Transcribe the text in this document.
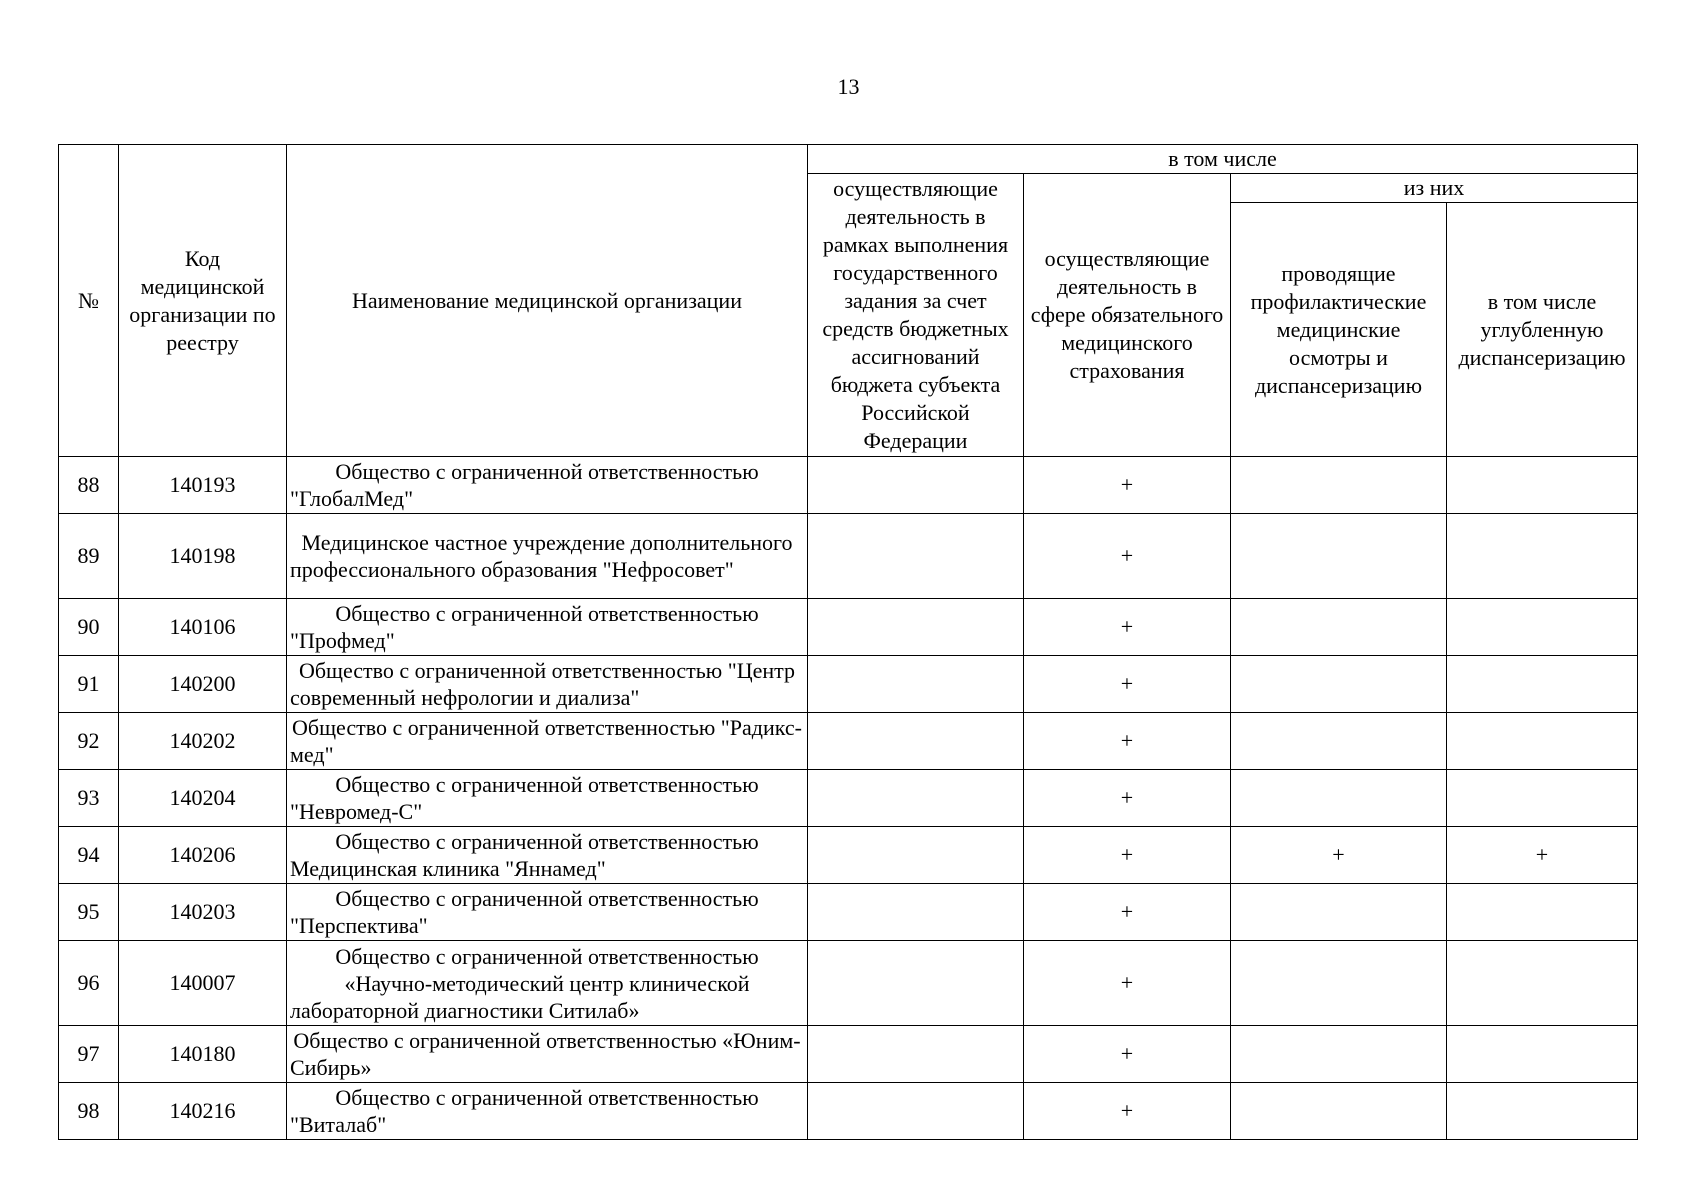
13
№	Код медицинской организации по реестру	Наименование медицинской организации	в том числе			
			осуществляющие деятельность в рамках выполнения государственного задания за счет средств бюджетных ассигнований бюджета субъекта Российской Федерации	осуществляющие деятельность в сфере обязательного медицинского страхования	из них	
					проводящие профилактические медицинские осмотры и диспансеризацию	в том числе углубленную диспансеризацию
88	140193	Общество с ограниченной ответственностью "ГлобалМед"		+		
89	140198	Медицинское частное учреждение дополнительного профессионального образования "Нефросовет"		+		
90	140106	Общество с ограниченной ответственностью "Профмед"		+		
91	140200	Общество с ограниченной ответственностью "Центр современный нефрологии и диализа"		+		
92	140202	Общество с ограниченной ответственностью "Радикс-мед"		+		
93	140204	Общество с ограниченной ответственностью "Невромед-С"		+		
94	140206	Общество с ограниченной ответственностью Медицинская клиника "Яннамед"		+	+	+
95	140203	Общество с ограниченной ответственностью "Перспектива"		+		
96	140007	Общество с ограниченной ответственностью «Научно-методический центр клинической лабораторной диагностики Ситилаб»		+		
97	140180	Общество с ограниченной ответственностью «Юним-Сибирь»		+		
98	140216	Общество с ограниченной ответственностью "Виталаб"		+		
